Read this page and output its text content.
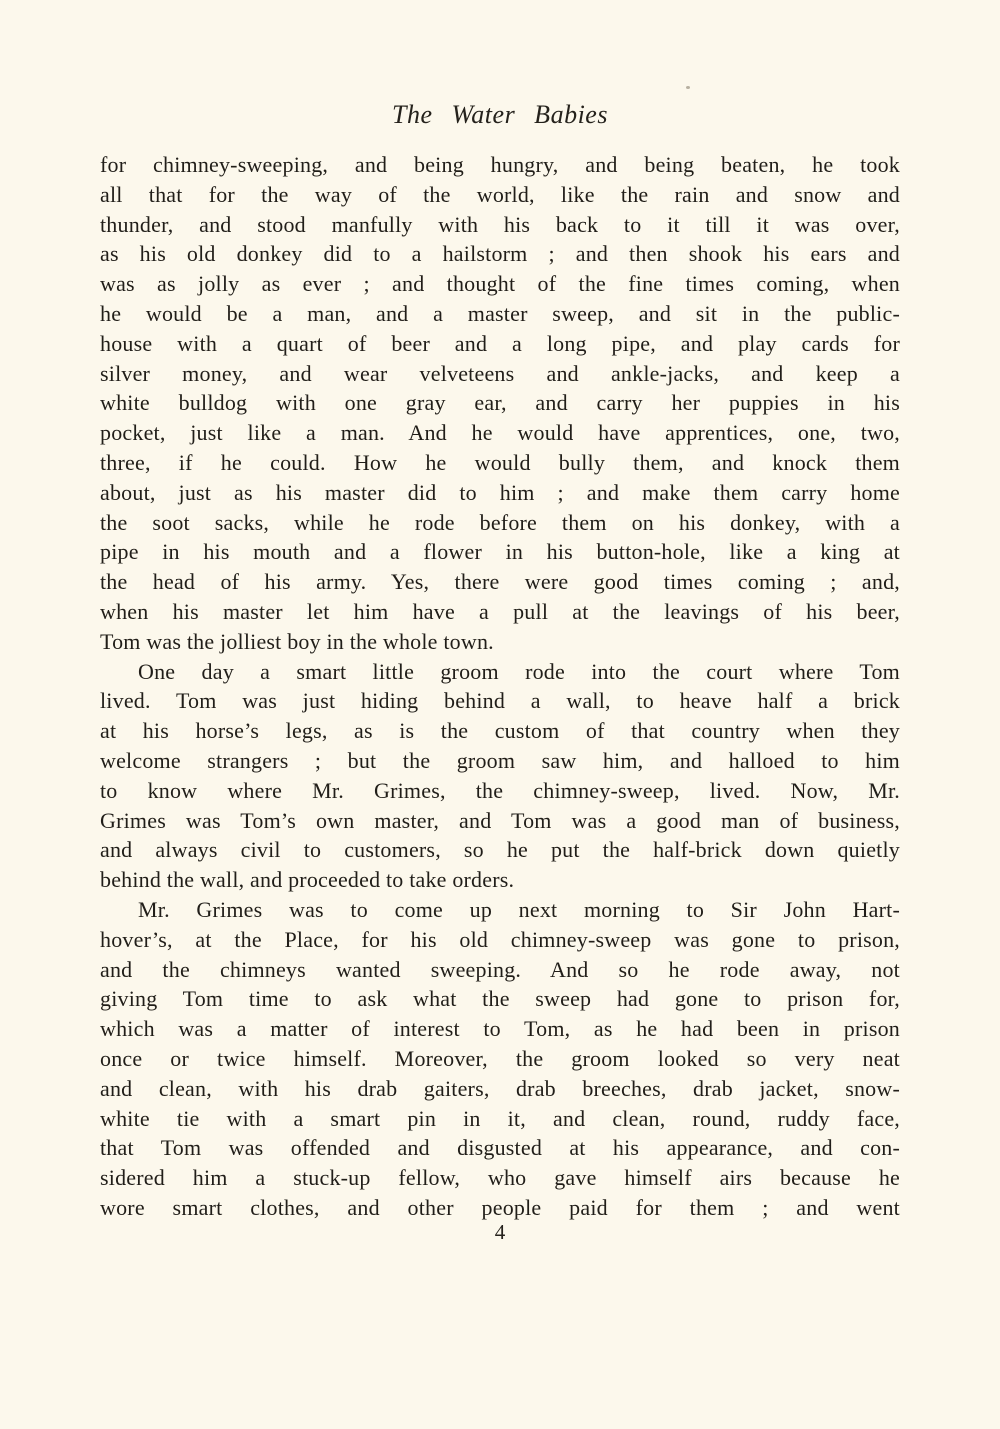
The Water Babies
for chimney-sweeping, and being hungry, and being beaten, he took
all that for the way of the world, like the rain and snow and
thunder, and stood manfully with his back to it till it was over,
as his old donkey did to a hailstorm ; and then shook his ears and
was as jolly as ever ; and thought of the fine times coming, when
he would be a man, and a master sweep, and sit in the public-
house with a quart of beer and a long pipe, and play cards for
silver money, and wear velveteens and ankle-jacks, and keep a
white bulldog with one gray ear, and carry her puppies in his
pocket, just like a man. And he would have apprentices, one, two,
three, if he could. How he would bully them, and knock them
about, just as his master did to him ; and make them carry home
the soot sacks, while he rode before them on his donkey, with a
pipe in his mouth and a flower in his button-hole, like a king at
the head of his army. Yes, there were good times coming ; and,
when his master let him have a pull at the leavings of his beer,
Tom was the jolliest boy in the whole town.
One day a smart little groom rode into the court where Tom
lived. Tom was just hiding behind a wall, to heave half a brick
at his horse’s legs, as is the custom of that country when they
welcome strangers ; but the groom saw him, and halloed to him
to know where Mr. Grimes, the chimney-sweep, lived. Now, Mr.
Grimes was Tom’s own master, and Tom was a good man of business,
and always civil to customers, so he put the half-brick down quietly
behind the wall, and proceeded to take orders.
Mr. Grimes was to come up next morning to Sir John Hart-
hover’s, at the Place, for his old chimney-sweep was gone to prison,
and the chimneys wanted sweeping. And so he rode away, not
giving Tom time to ask what the sweep had gone to prison for,
which was a matter of interest to Tom, as he had been in prison
once or twice himself. Moreover, the groom looked so very neat
and clean, with his drab gaiters, drab breeches, drab jacket, snow-
white tie with a smart pin in it, and clean, round, ruddy face,
that Tom was offended and disgusted at his appearance, and con-
sidered him a stuck-up fellow, who gave himself airs because he
wore smart clothes, and other people paid for them ; and went
4
